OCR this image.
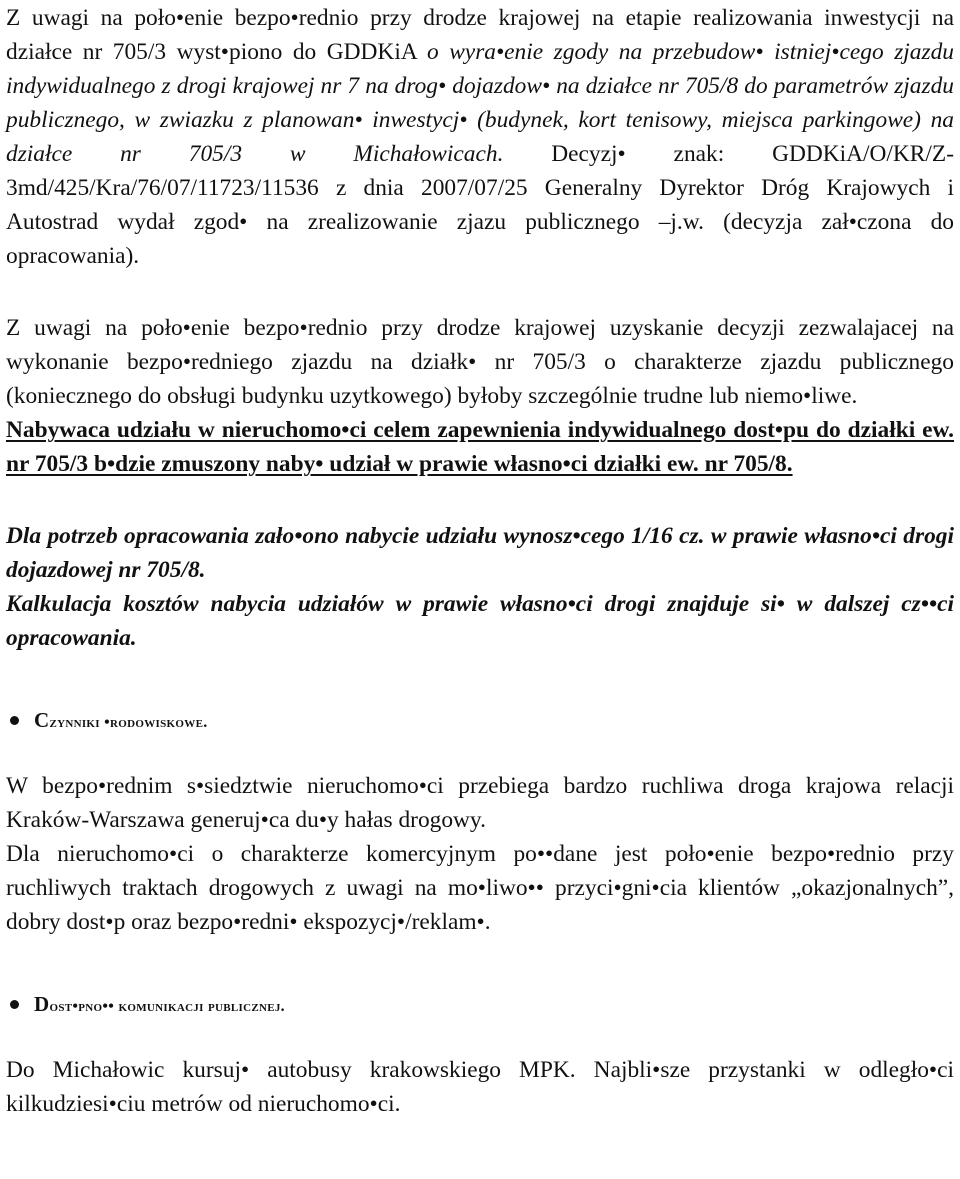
Z uwagi na poło•enie bezpo•rednio przy drodze krajowej na etapie realizowania inwestycji na działce nr 705/3 wyst•piono do GDDKiA o wyra•enie zgody na przebudow• istniej•cego zjazdu indywidualnego z drogi krajowej nr 7 na drog• dojazdow• na działce nr 705/8 do parametrów zjazdu publicznego, w zwiazku z planowan• inwestycj• (budynek, kort tenisowy, miejsca parkingowe) na działce nr 705/3 w Michałowicach. Decyzj• znak: GDDKiA/O/KR/Z-3md/425/Kra/76/07/11723/11536 z dnia 2007/07/25 Generalny Dyrektor Dróg Krajowych i Autostrad wydał zgod• na zrealizowanie zjazu publicznego –j.w. (decyzja zał•czona do opracowania).

Z uwagi na poło•enie bezpo•rednio przy drodze krajowej uzyskanie decyzji zezwalajacej na wykonanie bezpo•redniego zjazdu na działk• nr 705/3 o charakterze zjazdu publicznego (koniecznego do obsługi budynku uzytkowego) byłoby szczególnie trudne lub niemo•liwe.

Nabywaca udziału w nieruchomo•ci celem zapewnienia indywidualnego dost•pu do działki ew. nr 705/3 b•dzie zmuszony naby• udział w prawie własno•ci działki ew. nr 705/8.

Dla potrzeb opracowania zało•ono nabycie udziału wynosz•cego 1/16 cz. w prawie własno•ci drogi dojazdowej nr 705/8.

Kalkulacja kosztów nabycia udziałów w prawie własno•ci drogi znajduje si• w dalszej cz••ci opracowania.

Czynniki •rodowiskowe.

W bezpo•rednim s•siedztwie nieruchomo•ci przebiega bardzo ruchliwa droga krajowa relacji Kraków-Warszawa generuj•ca du•y hałas drogowy.

Dla nieruchomo•ci o charakterze komercyjnym po••dane jest poło•enie bezpo•rednio przy ruchliwych traktach drogowych z uwagi na mo•liwo•• przyci•gni•cia klientów „okazjonalnych”, dobry dost•p oraz bezpo•redni• ekspozycj•/reklam•.

Dost•pno•• komunikacji publicznej.

Do Michałowic kursuj• autobusy krakowskiego MPK. Najbli•sze przystanki w odległo•ci kilkudziesi•ciu metrów od nieruchomo•ci.
